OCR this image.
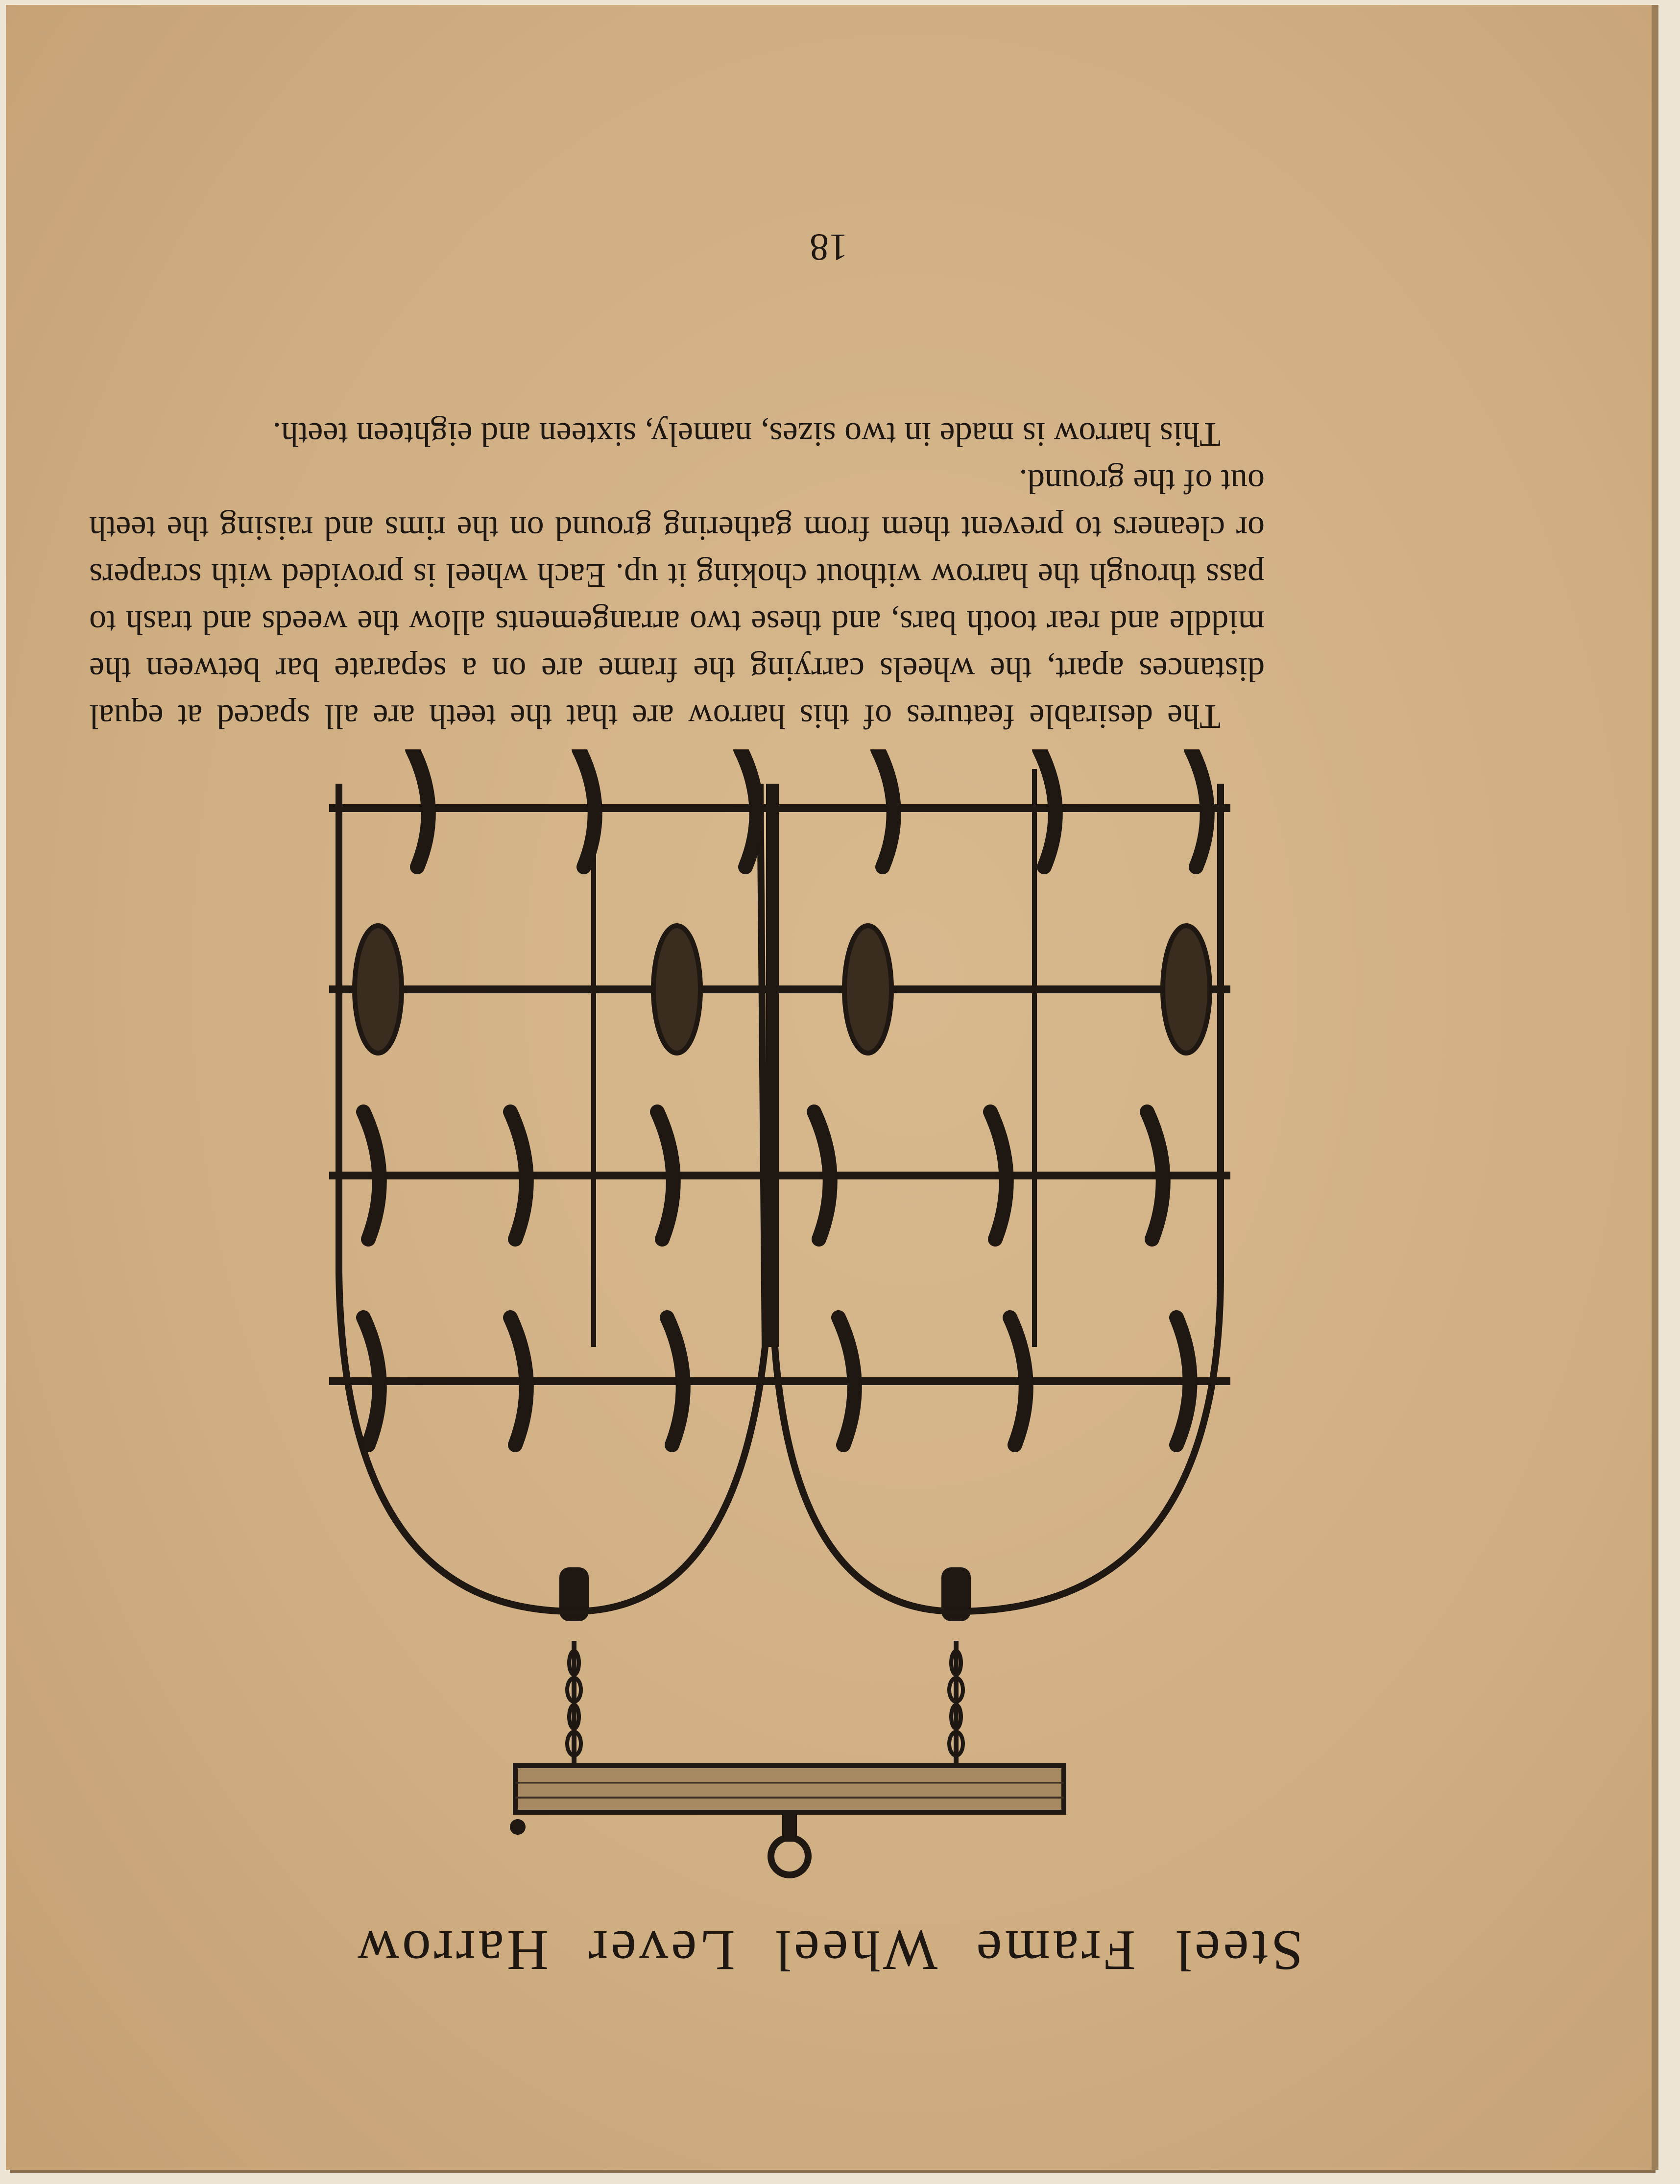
Steel Frame Wheel Lever Harrow

The desirable features of this harrow are that the teeth are all spaced at equal distances apart, the wheels carrying the frame are on a separate bar between the middle and rear tooth bars, and these two arrangements allow the weeds and trash to pass through the harrow without choking it up. Each wheel is provided with scrapers or cleaners to prevent them from gathering ground on the rims and raising the teeth out of the ground.

This harrow is made in two sizes, namely, sixteen and eighteen teeth.

18
